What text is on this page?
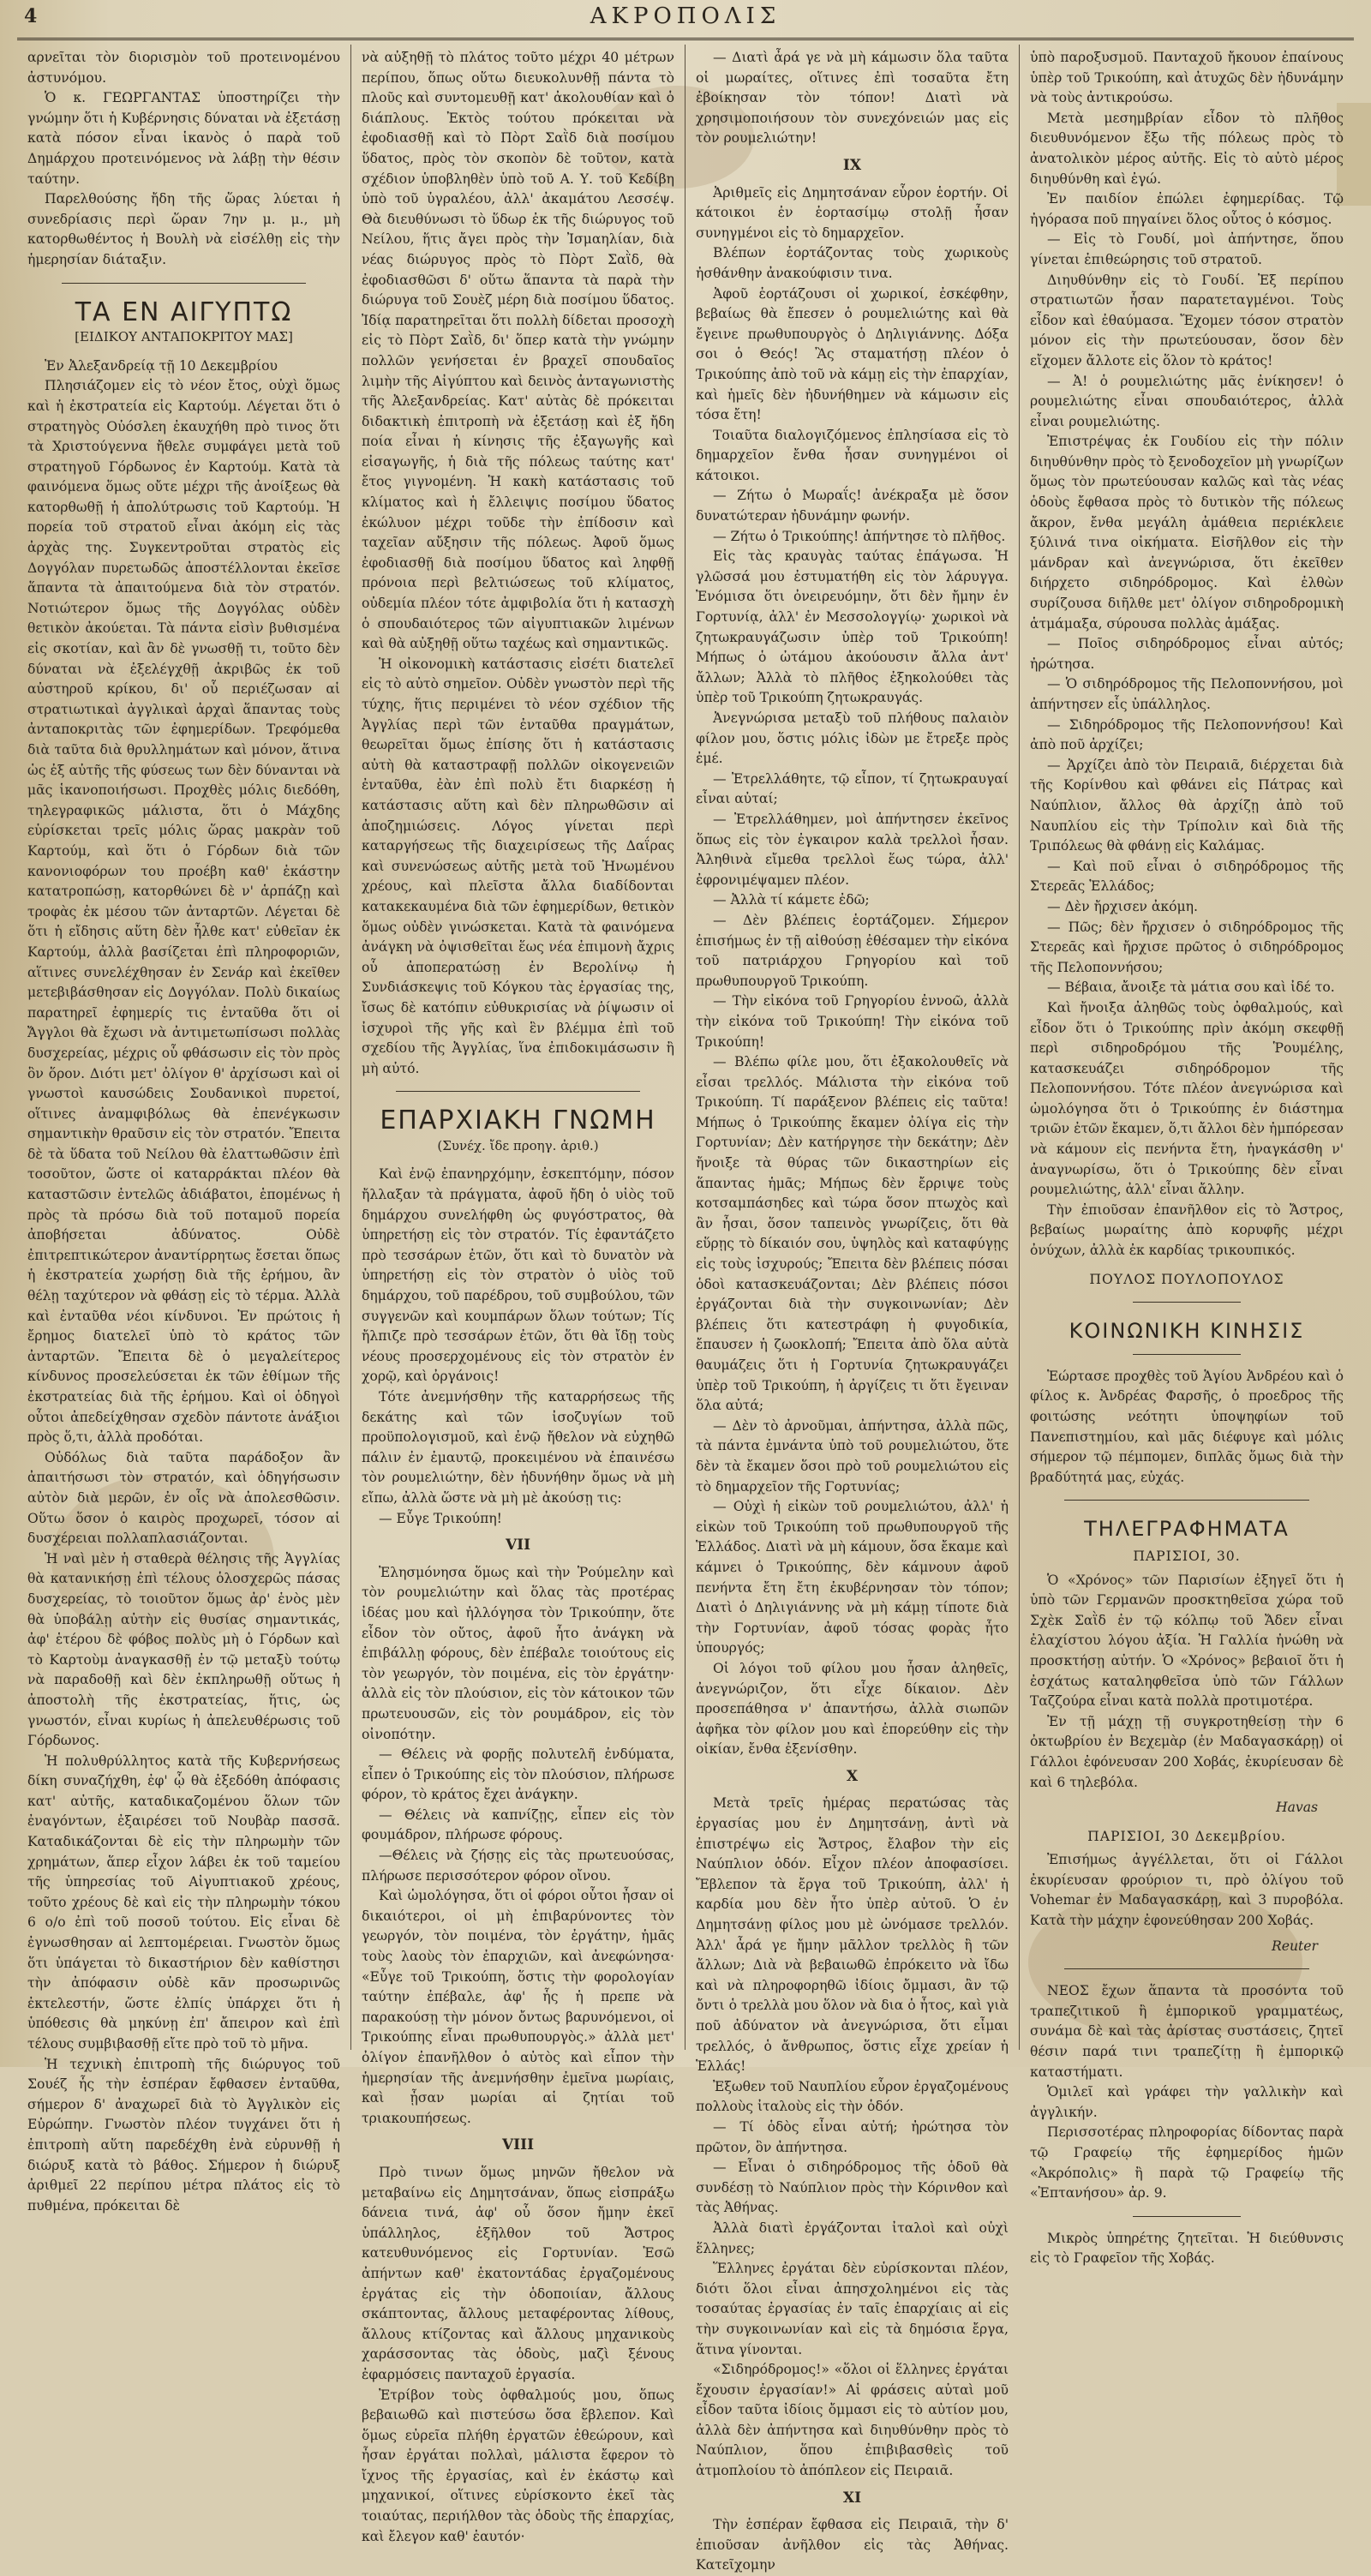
4	ΑΚΡΟΠΟΛΙΣ

αρνεῖται τὸν διορισμὸν τοῦ προτεινομένου ἀστυνόμου.

Ὁ κ. ΓΕΩΡΓΑΝΤΑΣ ὑποστηρίζει τὴν γνώμην ὅτι ἡ Κυβέρνησις δύναται νὰ ἐξετάσῃ κατὰ πόσον εἶναι ἱκανὸς ὁ παρὰ τοῦ Δημάρχου προτεινόμενος νὰ λάβῃ τὴν θέσιν ταύτην.

Παρελθούσης ἤδη τῆς ὥρας λύεται ἡ συνεδρίασις περὶ ὥραν 7ην μ. μ., μὴ κατορθωθέντος ἡ Βουλὴ νὰ εἰσέλθῃ εἰς τὴν ἡμερησίαν διάταξιν.

ΤΑ ΕΝ ΑΙΓΥΠΤΩ
[ΕΙΔΙΚΟΥ ΑΝΤΑΠΟΚΡΙΤΟΥ ΜΑΣ]

Ἐν Ἀλεξανδρείᾳ τῇ 10 Δεκεμβρίου

Πλησιάζομεν εἰς τὸ νέον ἔτος, οὐχὶ ὅμως καὶ ἡ ἐκστρατεία εἰς Καρτούμ. Λέγεται ὅτι ὁ στρατηγὸς Οὐόσλεη ἐκαυχήθη πρὸ τινος ὅτι τὰ Χριστούγεννα ἤθελε συμφάγει μετὰ τοῦ στρατηγοῦ Γόρδωνος ἐν Καρτούμ. Κατὰ τὰ φαινόμενα ὅμως οὔτε μέχρι τῆς ἀνοίξεως θὰ κατορθωθῇ ἡ ἀπολύτρωσις τοῦ Καρτούμ. Ἡ πορεία τοῦ στρατοῦ εἶναι ἀκόμη εἰς τὰς ἀρχὰς της. Συγκεντροῦται στρατὸς εἰς Δογγόλαν πυρετωδῶς ἀποστέλλονται ἐκεῖσε ἅπαντα τὰ ἀπαιτούμενα διὰ τὸν στρατόν. Νοτιώτερον ὅμως τῆς Δογγόλας οὐδὲν θετικὸν ἀκούεται. Τὰ πάντα εἰσὶν βυθισμένα εἰς σκοτίαν, καὶ ἂν δὲ γνωσθῇ τι, τοῦτο δὲν δύναται νὰ ἐξελέγχθῇ ἀκριβῶς ἐκ τοῦ αὐστηροῦ κρίκου, δι' οὗ περιέζωσαν αἱ στρατιωτικαὶ ἀγγλικαὶ ἀρχαὶ ἅπαντας τοὺς ἀνταποκριτὰς τῶν ἐφημερίδων. Τρεφόμεθα διὰ ταῦτα διὰ θρυλλημάτων καὶ μόνον, ἅτινα ὡς ἐξ αὐτῆς τῆς φύσεως των δὲν δύνανται νὰ μᾶς ἱκανοποιήσωσι. Προχθὲς μόλις διεδόθη, τηλεγραφικῶς μάλιστα, ὅτι ὁ Μάχδης εὑρίσκεται τρεῖς μόλις ὥρας μακρὰν τοῦ Καρτούμ, καὶ ὅτι ὁ Γόρδων διὰ τῶν κανονιοφόρων του προέβη καθ' ἑκάστην κατατροπώσῃ, κατορθώνει δὲ ν' ἁρπάζῃ καὶ τροφὰς ἐκ μέσου τῶν ἀνταρτῶν. Λέγεται δὲ ὅτι ἡ εἴδησις αὕτη δὲν ἦλθε κατ' εὐθεῖαν ἐκ Καρτούμ, ἀλλὰ βασίζεται ἐπὶ πληροφοριῶν, αἵτινες συνελέχθησαν ἐν Σενάρ καὶ ἐκεῖθεν μετεβιβάσθησαν εἰς Δογγόλαν. Πολὺ δικαίως παρατηρεῖ ἐφημερίς τις ἐνταῦθα ὅτι οἱ Ἄγγλοι θὰ ἔχωσι νὰ ἀντιμετωπίσωσι πολλὰς δυσχερείας, μέχρις οὗ φθάσωσιν εἰς τὸν πρὸς ὃν ὅρον. Διότι μετ' ὀλίγον θ' ἀρχίσωσι καὶ οἱ γνωστοὶ καυσώδεις Σουδανικοὶ πυρετοί, οἵτινες ἀναμφιβόλως θὰ ἐπενέγκωσιν σημαντικὴν θραῦσιν εἰς τὸν στρατόν. Ἔπειτα δὲ τὰ ὕδατα τοῦ Νείλου θὰ ἐλαττωθῶσιν ἐπὶ τοσοῦτον, ὥστε οἱ καταρράκται πλέον θὰ καταστῶσιν ἐντελῶς ἀδιάβατοι, ἑπομένως ἡ πρὸς τὰ πρόσω διὰ τοῦ ποταμοῦ πορεία ἀποβήσεται ἀδύνατος. Οὐδὲ ἐπιτρεπτικώτερον ἀναντίρρητως ἔσεται ὅπως ἡ ἐκστρατεία χωρήσῃ διὰ τῆς ἐρήμου, ἂν θέλῃ ταχύτερον νὰ φθάσῃ εἰς τὸ τέρμα. Ἀλλὰ καὶ ἐνταῦθα νέοι κίνδυνοι. Ἐν πρώτοις ἡ ἔρημος διατελεῖ ὑπὸ τὸ κράτος τῶν ἀνταρτῶν. Ἔπειτα δὲ ὁ μεγαλείτερος κίνδυνος προσελεύσεται ἐκ τῶν ἐθίμων τῆς ἐκστρατείας διὰ τῆς ἐρήμου. Καὶ οἱ ὁδηγοὶ οὗτοι ἀπεδείχθησαν σχεδὸν πάντοτε ἀνάξιοι πρὸς ὅ,τι, ἀλλὰ προδόται.

Οὐδόλως διὰ ταῦτα παράδοξον ἂν ἀπαιτήσωσι τὸν στρατόν, καὶ ὁδηγήσωσιν αὐτὸν διὰ μερῶν, ἐν οἷς νὰ ἀπολεσθῶσιν. Οὕτω ὅσον ὁ καιρὸς προχωρεῖ, τόσον αἱ δυσχέρειαι πολλαπλασιάζονται.

Ἡ ναὶ μὲν ἡ σταθερὰ θέλησις τῆς Ἀγγλίας θὰ κατανικήσῃ ἐπὶ τέλους ὁλοσχερῶς πάσας δυσχερείας, τὸ τοιοῦτον ὅμως ἀρ' ἑνὸς μὲν θὰ ὑποβάλῃ αὐτὴν εἰς θυσίας σημαντικάς, ἀφ' ἑτέρου δὲ φόβος πολὺς μὴ ὁ Γόρδων καὶ τὸ Καρτοὺμ ἀναγκασθῇ ἐν τῷ μεταξὺ τούτῳ νὰ παραδοθῇ καὶ δὲν ἐκπληρωθῇ οὕτως ἡ ἀποστολὴ τῆς ἐκστρατείας, ἥτις, ὡς γνωστόν, εἶναι κυρίως ἡ ἀπελευθέρωσις τοῦ Γόρδωνος.

Ἡ πολυθρύλλητος κατὰ τῆς Κυβερνήσεως δίκη συναζήχθη, ἐφ' ᾧ θὰ ἐξεδόθη ἀπόφασις κατ' αὐτῆς, καταδικαζομένου ὅλων τῶν ἐναγόντων, ἐξαιρέσει τοῦ Νουβὰρ πασσᾶ. Καταδικάζονται δὲ εἰς τὴν πληρωμὴν τῶν χρημάτων, ἅπερ εἶχον λάβει ἐκ τοῦ ταμείου τῆς ὑπηρεσίας τοῦ Αἰγυπτιακοῦ χρέους, τοῦτο χρέους δὲ καὶ εἰς τὴν πληρωμὴν τόκου 6 ο/ο ἐπὶ τοῦ ποσοῦ τούτου. Εἰς εἶναι δὲ ἐγνωσθησαν αἱ λεπτομέρειαι. Γνωστὸν ὅμως ὅτι ὑπάγεται τὸ δικαστήριον δὲν καθίστησι τὴν ἀπόφασιν οὐδὲ κᾶν προσωρινῶς ἐκτελεστήν, ὥστε ἐλπίς ὑπάρχει ὅτι ἡ ὑπόθεσις θὰ μηκύνῃ ἐπ' ἄπειρον καὶ ἐπὶ τέλους συμβιβασθῇ εἴτε πρὸ τοῦ τὸ μῆνα.

Ἡ τεχνικὴ ἐπιτροπὴ τῆς διώρυγος τοῦ Σουέζ ἧς τὴν ἑσπέραν ἔφθασεν ἐνταῦθα, σήμερον δ' ἀναχωρεῖ διὰ τὸ Ἀγγλικὸν εἰς Εὐρώπην. Γνωστὸν πλέον τυγχάνει ὅτι ἡ ἐπιτροπὴ αὕτη παρεδέχθη ἐνὰ εὐρυνθῇ ἡ διώρυξ κατὰ τὸ βάθος. Σήμερον ἡ διώρυξ ἀριθμεῖ 22 περίπου μέτρα πλάτος εἰς τὸ πυθμένα, πρόκειται δὲ

νὰ αὐξηθῇ τὸ πλάτος τοῦτο μέχρι 40 μέτρων περίπου, ὅπως οὕτω διευκολυνθῇ πάντα τὸ πλοῦς καὶ συντομευθῇ κατ' ἀκολουθίαν καὶ ὁ διάπλους. Ἐκτὸς τούτου πρόκειται νὰ ἐφοδιασθῇ καὶ τὸ Πὸρτ Σαῒδ διὰ ποσίμου ὕδατος, πρὸς τὸν σκοπὸν δὲ τοῦτον, κατὰ σχέδιον ὑποβληθὲν ὑπὸ τοῦ Α. Υ. τοῦ Κεδίβη ὑπὸ τοῦ ὑγραλέου, ἀλλ' ἀκαμάτου Λεσσέψ. Θὰ διευθύνωσι τὸ ὕδωρ ἐκ τῆς διώρυγος τοῦ Νείλου, ἥτις ἄγει πρὸς τὴν Ἰσμαηλίαν, διὰ νέας διώρυγος πρὸς τὸ Πὸρτ Σαῒδ, θὰ ἐφοδιασθῶσι δ' οὕτω ἅπαντα τὰ παρὰ τὴν διώρυγα τοῦ Σουὲζ μέρη διὰ ποσίμου ὕδατος. Ἰδίᾳ παρατηρεῖται ὅτι πολλὴ δίδεται προσοχὴ εἰς τὸ Πὸρτ Σαῒδ, δι' ὅπερ κατὰ τὴν γνώμην πολλῶν γενήσεται ἐν βραχεῖ σπουδαῖος λιμὴν τῆς Αἰγύπτου καὶ δεινὸς ἀνταγωνιστὴς τῆς Ἀλεξανδρείας. Κατ' αὐτὰς δὲ πρόκειται διδακτικὴ ἐπιτροπὴ νὰ ἐξετάσῃ καὶ ἐξ ἤδη ποία εἶναι ἡ κίνησις τῆς ἐξαγωγῆς καὶ εἰσαγωγῆς, ἡ διὰ τῆς πόλεως ταύτης κατ' ἔτος γιγνομένη. Ἡ κακὴ κατάστασις τοῦ κλίματος καὶ ἡ ἔλλειψις ποσίμου ὕδατος ἐκώλυον μέχρι τοῦδε τὴν ἐπίδοσιν καὶ ταχεῖαν αὔξησιν τῆς πόλεως. Ἀφοῦ ὅμως ἐφοδιασθῇ διὰ ποσίμου ὕδατος καὶ ληφθῇ πρόνοια περὶ βελτιώσεως τοῦ κλίματος, οὐδεμία πλέον τότε ἀμφιβολία ὅτι ἡ κατασχὴ ὁ σπουδαιότερος τῶν αἰγυπτιακῶν λιμένων καὶ θὰ αὐξηθῇ οὕτω ταχέως καὶ σημαντικῶς.

Ἡ οἰκονομικὴ κατάστασις εἰσέτι διατελεῖ εἰς τὸ αὐτὸ σημεῖον. Οὐδὲν γνωστὸν περὶ τῆς τύχης, ἥτις περιμένει τὸ νέον σχέδιον τῆς Ἀγγλίας περὶ τῶν ἐνταῦθα πραγμάτων, θεωρεῖται ὅμως ἐπίσης ὅτι ἡ κατάστασις αὐτὴ θὰ καταστραφῇ πολλῶν οἰκογενειῶν ἐνταῦθα, ἐὰν ἐπὶ πολὺ ἔτι διαρκέσῃ ἡ κατάστασις αὕτη καὶ δὲν πληρωθῶσιν αἱ ἀποζημιώσεις. Λόγος γίνεται περὶ καταργήσεως τῆς διαχειρίσεως τῆς Δαΐρας καὶ συνενώσεως αὐτῆς μετὰ τοῦ Ἠνωμένου χρέους, καὶ πλεῖστα ἄλλα διαδίδονται κατακεκαυμένα διὰ τῶν ἐφημερίδων, θετικὸν ὅμως οὐδὲν γινώσκεται. Κατὰ τὰ φαινόμενα ἀνάγκη νὰ ὀψισθεῖται ἕως νέα ἐπιμονὴ ἄχρις οὗ ἀποπερατώσῃ ἐν Βερολίνῳ ἡ Συνδιάσκεψις τοῦ Κόγκου τὰς ἐργασίας της, ἴσως δὲ κατόπιν εὐθυκρισίας νὰ ῥίψωσιν οἱ ἰσχυροὶ τῆς γῆς καὶ ἓν βλέμμα ἐπὶ τοῦ σχεδίου τῆς Ἀγγλίας, ἵνα ἐπιδοκιμάσωσιν ἢ μὴ αὐτό.

ΕΠΑΡΧΙΑΚΗ ΓΝΩΜΗ
(Συνέχ. ἴδε προηγ. ἀριθ.)

Καὶ ἐνῷ ἐπανηρχόμην, ἐσκεπτόμην, πόσον ἤλλαξαν τὰ πράγματα, ἀφοῦ ἤδη ὁ υἱὸς τοῦ δημάρχου συνελήφθη ὡς φυγόστρατος, θὰ ὑπηρετήσῃ εἰς τὸν στρατόν. Τίς ἐφαντάζετο πρὸ τεσσάρων ἐτῶν, ὅτι καὶ τὸ δυνατὸν νὰ ὑπηρετήσῃ εἰς τὸν στρατὸν ὁ υἱὸς τοῦ δημάρχου, τοῦ παρέδρου, τοῦ συμβούλου, τῶν συγγενῶν καὶ κουμπάρων ὅλων τούτων; Τίς ἤλπιζε πρὸ τεσσάρων ἐτῶν, ὅτι θὰ ἴδῃ τοὺς νέους προσερχομένους εἰς τὸν στρατὸν ἐν χορῷ, καὶ ὀργάνοις!

Τότε ἀνεμνήσθην τῆς καταρρήσεως τῆς δεκάτης καὶ τῶν ἰσοζυγίων τοῦ προϋπολογισμοῦ, καὶ ἐνῷ ἤθελον νὰ εὐχηθῶ πάλιν ἐν ἐμαυτῷ, προκειμένου νὰ ἐπαινέσω τὸν ρουμελιώτην, δὲν ἠδυνήθην ὅμως νὰ μὴ εἴπω, ἀλλὰ ὥστε νὰ μὴ μὲ ἀκούσῃ τις:

— Εὖγε Τρικούπη!

VII

Ἐλησμόνησα ὅμως καὶ τὴν Ῥούμελην καὶ τὸν ρουμελιώτην καὶ ὅλας τὰς προτέρας ἰδέας μου καὶ ἠλλόγησα τὸν Τρικούπην, ὅτε εἶδον τὸν οὔτος, ἀφοῦ ἦτο ἀνάγκη νὰ ἐπιβάλλῃ φόρους, δὲν ἐπέβαλε τοιούτους εἰς τὸν γεωργόν, τὸν ποιμένα, εἰς τὸν ἐργάτην· ἀλλὰ εἰς τὸν πλούσιον, εἰς τὸν κάτοικον τῶν πρωτευουσῶν, εἰς τὸν ρουμάδρον, εἰς τὸν οἰνοπότην.

— Θέλεις νὰ φορῇς πολυτελῆ ἐνδύματα, εἶπεν ὁ Τρικούπης εἰς τὸν πλούσιον, πλήρωσε φόρον, τὸ κράτος ἔχει ἀνάγκην.

— Θέλεις νὰ καπνίζῃς, εἶπεν εἰς τὸν φουμάδρον, πλήρωσε φόρους.

—Θέλεις νὰ ζήσῃς εἰς τὰς πρωτευούσας, πλήρωσε περισσότερον φόρον οἴνου.

Καὶ ὡμολόγησα, ὅτι οἱ φόροι οὗτοι ἦσαν οἱ δικαιότεροι, οἱ μὴ ἐπιβαρύνοντες τὸν γεωργόν, τὸν ποιμένα, τὸν ἐργάτην, ἡμᾶς τοὺς λαοὺς τὸν ἐπαρχιῶν, καὶ ἀνεφώνησα· «Εὖγε τοῦ Τρικούπη, ὅστις τὴν φορολογίαν ταύτην ἐπέβαλε, ἀφ' ἧς ἡ πρεπε νὰ παρακούσῃ τὴν μόνον ὄντως βαρυνόμενοι, οἱ Τρικούπης εἶναι πρωθυπουργὸς.» ἀλλὰ μετ' ὀλίγον ἐπανῆλθον ὁ αὐτὸς καὶ εἶπον τὴν ἡμερησίαν τῆς ἀνεμνήσθην ἐμεῖνα μωρίαις, καὶ ᾖσαν μωρίαι αἱ ζητίαι τοῦ τριακουπήσεως.

VIII

Πρὸ τινων ὅμως μηνῶν ἤθελον νὰ μεταβαίνω εἰς Δημητσάναν, ὅπως εἰσπράξω δάνεια τινά, ἀφ' οὗ ὅσον ἤμην ἐκεῖ ὑπάλληλος, ἐξῆλθον τοῦ Ἄστρος κατευθυνόμενος εἰς Γορτυνίαν. Ἐσῶ ἀπήντων καθ' ἑκατοντάδας ἐργαζομένους ἐργάτας εἰς τὴν ὁδοποιίαν, ἄλλους σκάπτοντας, ἄλλους μεταφέροντας λίθους, ἄλλους κτίζοντας καὶ ἄλλους μηχανικοὺς χαράσσοντας τὰς ὁδοὺς, μαζὶ ξένους ἐφαρμόσεις πανταχοῦ ἐργασία.

Ἐτρίβον τοὺς ὀφθαλμούς μου, ὅπως βεβαιωθῶ καὶ πιστεύσω ὅσα ἔβλεπον. Καὶ ὅμως εὐρεῖα πλήθη ἐργατῶν ἐθεώρουν, καὶ ἦσαν ἐργάται πολλαὶ, μάλιστα ἔφερον τὸ ἴχνος τῆς ἐργασίας, καὶ ἐν ἑκάστῳ καὶ μηχανικοί, οἵτινες εὑρίσκοντο ἐκεῖ τὰς τοιαύτας, περιήλθον τὰς ὁδοὺς τῆς ἐπαρχίας, καὶ ἔλεγον καθ' ἑαυτόν·

— Διατὶ ἆρά γε νὰ μὴ κάμωσιν ὅλα ταῦτα οἱ μωραίτες, οἵτινες ἐπὶ τοσαῦτα ἔτη ἐβοίκησαν τὸν τόπον! Διατὶ νὰ χρησιμοποιήσουν τὸν συνεχόνειών μας εἰς τὸν ρουμελιώτην!

IX

Ἀριθμεῖς εἰς Δημητσάναν εὗρον ἑορτήν. Οἱ κάτοικοι ἐν ἑορτασίμῳ στολῇ ἦσαν συνηγμένοι εἰς τὸ δημαρχεῖον.

Βλέπων ἑορτάζοντας τοὺς χωρικοὺς ἠσθάνθην ἀνακούφισιν τινα.

Ἀφοῦ ἑορτάζουσι οἱ χωρικοί, ἐσκέφθην, βεβαίως θὰ ἔπεσεν ὁ ρουμελιώτης καὶ θὰ ἔγεινε πρωθυπουργὸς ὁ Δηλιγιάννης. Δόξα σοι ὁ Θεός! Ἂς σταματήσῃ πλέον ὁ Τρικούπης ἀπὸ τοῦ νὰ κάμῃ εἰς τὴν ἐπαρχίαν, καὶ ἡμεῖς δὲν ἠδυνήθημεν νὰ κάμωσιν εἰς τόσα ἔτη!

Τοιαῦτα διαλογιζόμενος ἐπλησίασα εἰς τὸ δημαρχεῖον ἔνθα ἦσαν συνηγμένοι οἱ κάτοικοι.

— Ζήτω ὁ Μωραΐς! ἀνέκραξα μὲ ὅσον δυνατώτεραν ἠδυνάμην φωνήν.

— Ζήτω ὁ Τρικούπης! ἀπήντησε τὸ πλῆθος.

Εἰς τὰς κραυγὰς ταύτας ἐπάγωσα. Ἡ γλῶσσά μου ἐστυματήθη εἰς τὸν λάρυγγα. Ἐνόμισα ὅτι ὀνειρευόμην, ὅτι δὲν ἤμην ἐν Γορτυνίᾳ, ἀλλ' ἐν Μεσσολογγίῳ· χωρικοὶ νὰ ζητωκραυγάζωσιν ὑπὲρ τοῦ Τρικούπη! Μήπως ὁ ὠτάμου ἀκούουσιν ἄλλα ἀντ' ἄλλων; Ἀλλὰ τὸ πλῆθος ἐξηκολούθει τὰς ὑπὲρ τοῦ Τρικούπη ζητωκραυγάς.

Ἀνεγνώρισα μεταξὺ τοῦ πλήθους παλαιὸν φίλον μου, ὅστις μόλις ἰδὼν με ἔτρεξε πρὸς ἐμέ.

— Ἐτρελλάθητε, τῷ εἶπον, τί ζητωκραυγαί εἶναι αὐταί;

— Ἐτρελλάθημεν, μοὶ ἀπήντησεν ἐκεῖνος ὅπως εἰς τὸν ἐγκαιρον καλὰ τρελλοὶ ἦσαν. Ἀληθινὰ εἴμεθα τρελλοὶ ἕως τώρα, ἀλλ' ἐφρονιμέψαμεν πλέον.

— Ἀλλὰ τί κάμετε ἐδῶ;

— Δὲν βλέπεις ἑορτάζομεν. Σήμερον ἐπισήμως ἐν τῇ αἰθούσῃ ἐθέσαμεν τὴν εἰκόνα τοῦ πατριάρχου Γρηγορίου καὶ τοῦ πρωθυπουργοῦ Τρικούπη.

— Τὴν εἰκόνα τοῦ Γρηγορίου ἐννοῶ, ἀλλὰ τὴν εἰκόνα τοῦ Τρικούπη! Τὴν εἰκόνα τοῦ Τρικούπη!

— Βλέπω φίλε μου, ὅτι ἐξακολουθεῖς νὰ εἶσαι τρελλός. Μάλιστα τὴν εἰκόνα τοῦ Τρικούπη. Τί παράξενον βλέπεις εἰς ταῦτα! Μήπως ὁ Τρικούπης ἔκαμεν ὀλίγα εἰς τὴν Γορτυνίαν; Δὲν κατήργησε τὴν δεκάτην; Δὲν ἤνοιξε τὰ θύρας τῶν δικαστηρίων εἰς ἅπαντας ἡμᾶς; Μήπως δὲν ἔρριψε τοὺς κοτσαμπάσηδες καὶ τώρα ὅσον πτωχὸς καὶ ἂν ἦσαι, ὅσον ταπεινὸς γνωρίζεις, ὅτι θὰ εὕρῃς τὸ δίκαιόν σου, ὑψηλὸς καὶ καταφύγῃς εἰς τοὺς ἰσχυρούς; Ἔπειτα δὲν βλέπεις πόσαι ὁδοὶ κατασκευάζονται; Δὲν βλέπεις πόσοι ἐργάζονται διὰ τὴν συγκοινωνίαν; Δὲν βλέπεις ὅτι κατεστράφη ἡ φυγοδικία, ἔπαυσεν ἡ ζωοκλοπή; Ἔπειτα ἀπὸ ὅλα αὐτὰ θαυμάζεις ὅτι ἡ Γορτυνία ζητωκραυγάζει ὑπὲρ τοῦ Τρικούπη, ἡ ἀργίζεις τι ὅτι ἔγειναν ὅλα αὐτά;

— Δὲν τὸ ἀρνοῦμαι, ἀπήντησα, ἀλλὰ πῶς, τὰ πάντα ἐμνάντα ὑπὸ τοῦ ρουμελιώτου, ὅτε δὲν τὰ ἔκαμεν ὅσοι πρὸ τοῦ ρουμελιώτου εἰς τὸ δημαρχεῖον τῆς Γορτυνίας;

— Οὐχὶ ἡ εἰκὼν τοῦ ρουμελιώτου, ἀλλ' ἡ εἰκὼν τοῦ Τρικούπη τοῦ πρωθυπουργοῦ τῆς Ἑλλάδος. Διατὶ νὰ μὴ κάμουν, ὅσα ἔκαμε καὶ κάμνει ὁ Τρικούπης, δὲν κάμνουν ἀφοῦ πενήντα ἔτη ἔτη ἐκυβέρνησαν τὸν τόπον; Διατὶ ὁ Δηλιγιάννης νὰ μὴ κάμῃ τίποτε διὰ τὴν Γορτυνίαν, ἀφοῦ τόσας φορὰς ἦτο ὑπουργός;

Οἱ λόγοι τοῦ φίλου μου ἦσαν ἀληθεῖς, ἀνεγνώριζον, ὅτι εἶχε δίκαιον. Δὲν προσεπάθησα ν' ἀπαντήσω, ἀλλὰ σιωπῶν ἀφῆκα τὸν φίλον μου καὶ ἐπορεύθην εἰς τὴν οἰκίαν, ἔνθα ἐξενίσθην.

X

Μετὰ τρεῖς ἡμέρας περατώσας τὰς ἐργασίας μου ἐν Δημητσάνῃ, ἀντὶ νὰ ἐπιστρέψω εἰς Ἄστρος, ἔλαβον τὴν εἰς Ναύπλιον ὁδόν. Εἶχον πλέον ἀποφασίσει. Ἔβλεπον τὰ ἔργα τοῦ Τρικούπη, ἀλλ' ἡ καρδία μου δὲν ἦτο ὑπὲρ αὐτοῦ. Ὁ ἐν Δημητσάνῃ φίλος μου μὲ ὠνόμασε τρελλόν. Ἀλλ' ἆρά γε ἤμην μᾶλλον τρελλὸς ἢ τῶν ἄλλων; Διὰ νὰ βεβαιωθῶ ἐπρόκειτο νὰ ἴδω καὶ νὰ πληροφορηθῶ ἰδίοις ὄμμασι, ἂν τῷ ὄντι ὁ τρελλὰ μου ὅλον νὰ δια ὁ ἦτος, καὶ γιὰ ποῦ ἀδύνατον νὰ ἀνεγνώρισα, ὅτι εἶμαι τρελλός, ὁ ἄνθρωπος, ὅστις εἶχε χρείαν ἡ Ἑλλάς!

Ἐξωθεν τοῦ Ναυπλίου εὗρον ἐργαζομένους πολλοὺς ἰταλοὺς εἰς τὴν ὁδόν.

— Τί ὁδὸς εἶναι αὐτή; ἠρώτησα τὸν πρῶτον, ὃν ἀπήντησα.

— Εἶναι ὁ σιδηρόδρομος τῆς ὁδοῦ θὰ συνδέσῃ τὸ Ναύπλιον πρὸς τὴν Κόρινθον καὶ τὰς Ἀθήνας.

Ἀλλὰ διατὶ ἐργάζονται ἰταλοὶ καὶ οὐχὶ ἕλληνες;

Ἕλληνες ἐργάται δὲν εὑρίσκονται πλέον, διότι ὅλοι εἶναι ἀπησχολημένοι εἰς τὰς τοσαύτας ἐργασίας ἐν ταῖς ἐπαρχίαις αἱ εἰς τὴν συγκοινωνίαν καὶ εἰς τὰ δημόσια ἔργα, ἅτινα γίνονται.

«Σιδηρόδρομος!» «ὅλοι οἱ ἕλληνες ἐργάται ἔχουσιν ἐργασίαν!» Αἱ φράσεις αὐταὶ μοῦ εἶδον ταῦτα ἰδίοις ὄμμασι εἰς τὸ αὐτίον μου, ἀλλὰ δὲν ἀπήντησα καὶ διηυθύνθην πρὸς τὸ Ναύπλιον, ὅπου ἐπιβιβασθεὶς τοῦ ἀτμοπλοίου τὸ ἀπόπλεον εἰς Πειραιᾶ.

XI

Τὴν ἑσπέραν ἔφθασα εἰς Πειραιᾶ, τὴν δ' ἐπιοῦσαν ἀνῆλθον εἰς τὰς Ἀθήνας. Κατεῖχομην

ὑπὸ παροξυσμοῦ. Πανταχοῦ ἤκουον ἐπαίνους ὑπὲρ τοῦ Τρικούπη, καὶ ἀτυχῶς δὲν ἠδυνάμην νὰ τοὺς ἀντικρούσω.

Μετὰ μεσημβρίαν εἶδον τὸ πλῆθος διευθυνόμενον ἔξω τῆς πόλεως πρὸς τὸ ἀνατολικὸν μέρος αὐτῆς. Εἰς τὸ αὐτὸ μέρος διηυθύνθη καὶ ἐγώ.

Ἐν παιδίον ἐπώλει ἐφημερίδας. Τῷ ἠγόρασα ποῦ πηγαίνει ὅλος οὗτος ὁ κόσμος.

— Εἰς τὸ Γουδί, μοὶ ἀπήντησε, ὅπου γίνεται ἐπιθεώρησις τοῦ στρατοῦ.

Διηυθύνθην εἰς τὸ Γουδί. Ἐξ περίπου στρατιωτῶν ἦσαν παρατεταγμένοι. Τοὺς εἶδον καὶ ἐθαύμασα. Ἔχομεν τόσον στρατὸν μόνον εἰς τὴν πρωτεύουσαν, ὅσον δὲν εἴχομεν ἄλλοτε εἰς ὅλον τὸ κράτος!

— Ἀ! ὁ ρουμελιώτης μᾶς ἐνίκησεν! ὁ ρουμελιώτης εἶναι σπουδαιότερος, ἀλλὰ εἶναι ρουμελιώτης.

Ἐπιστρέψας ἐκ Γουδίου εἰς τὴν πόλιν διηυθύνθην πρὸς τὸ ξενοδοχεῖον μὴ γνωρίζων ὅμως τὸν πρωτεύουσαν καλῶς καὶ τὰς νέας ὁδοὺς ἔφθασα πρὸς τὸ δυτικὸν τῆς πόλεως ἄκρον, ἔνθα μεγάλη ἀμάθεια περιέκλειε ξύλινά τινα οἰκήματα. Εἰσῆλθον εἰς τὴν μάνδραν καὶ ἀνεγνώρισα, ὅτι ἐκεῖθεν διήρχετο σιδηρόδρομος. Καὶ ἐλθὼν συρίζουσα διῆλθε μετ' ὀλίγον σιδηροδρομικὴ ἁτμάμαξα, σύρουσα πολλὰς ἁμάξας.

— Ποῖος σιδηρόδρομος εἶναι αὐτός; ἠρώτησα.

— Ὁ σιδηρόδρομος τῆς Πελοποννήσου, μοὶ ἀπήντησεν εἷς ὑπάλληλος.

— Σιδηρόδρομος τῆς Πελοποννήσου! Καὶ ἀπὸ ποῦ ἀρχίζει;

— Ἀρχίζει ἀπὸ τὸν Πειραιᾶ, διέρχεται διὰ τῆς Κορίνθου καὶ φθάνει εἰς Πάτρας καὶ Ναύπλιον, ἄλλος θὰ ἀρχίζῃ ἀπὸ τοῦ Ναυπλίου εἰς τὴν Τρίπολιν καὶ διὰ τῆς Τριπόλεως θὰ φθάνῃ εἰς Καλάμας.

— Καὶ ποῦ εἶναι ὁ σιδηρόδρομος τῆς Στερεᾶς Ἑλλάδος;

— Δὲν ἤρχισεν ἀκόμη.

— Πῶς; δὲν ἤρχισεν ὁ σιδηρόδρομος τῆς Στερεᾶς καὶ ἤρχισε πρῶτος ὁ σιδηρόδρομος τῆς Πελοποννήσου;

— Βέβαια, ἄνοιξε τὰ μάτια σου καὶ ἰδέ το.

Καὶ ἤνοιξα ἀληθῶς τοὺς ὀφθαλμούς, καὶ εἶδον ὅτι ὁ Τρικούπης πρὶν ἀκόμη σκεφθῇ περὶ σιδηροδρόμου τῆς Ῥουμέλης, κατασκευάζει σιδηρόδρομον τῆς Πελοποννήσου. Τότε πλέον ἀνεγνώρισα καὶ ὡμολόγησα ὅτι ὁ Τρικούπης ἐν διάστημα τριῶν ἐτῶν ἔκαμεν, ὅ,τι ἄλλοι δὲν ἠμπόρεσαν νὰ κάμουν εἰς πενήντα ἔτη, ἠναγκάσθη ν' ἀναγνωρίσω, ὅτι ὁ Τρικούπης δὲν εἶναι ρουμελιώτης, ἀλλ' εἶναι ἄλλην.

Τὴν ἐπιοῦσαν ἐπανῆλθον εἰς τὸ Ἄστρος, βεβαίως μωραίτης ἀπὸ κορυφῆς μέχρι ὀνύχων, ἀλλὰ ἐκ καρδίας τρικουπικός.

ΠΟΥΛΟΣ ΠΟΥΛΟΠΟΥΛΟΣ
ΚΟΙΝΩΝΙΚΗ ΚΙΝΗΣΙΣ

Ἑώρτασε προχθὲς τοῦ Ἁγίου Ἀνδρέου καὶ ὁ φίλος κ. Ἀνδρέας Φαρσῆς, ὁ προεδρος τῆς φοιτώσης νεότητι ὑποψηφίων τοῦ Πανεπιστημίου, καὶ μᾶς διέφυγε καὶ μόλις σήμερον τῷ πέμπομεν, διπλᾶς ὅμως διὰ τὴν βραδύτητά μας, εὐχάς.

ΤΗΛΕΓΡΑΦΗΜΑΤΑ
ΠΑΡΙΣΙΟΙ, 30.

Ὁ «Χρόνος» τῶν Παρισίων ἐξηγεῖ ὅτι ἡ ὑπὸ τῶν Γερμανῶν προσκτηθεῖσα χώρα τοῦ Σχὲκ Σαῒδ ἐν τῷ κόλπῳ τοῦ Ἄδεν εἶναι ἐλαχίστου λόγου ἀξία. Ἡ Γαλλία ἠνώθη νὰ προσκτήσῃ αὐτήν. Ὁ «Χρόνος» βεβαιοῖ ὅτι ἡ ἐσχάτως καταληφθεῖσα ὑπὸ τῶν Γάλλων Ταζζούρα εἶναι κατὰ πολλὰ προτιμοτέρα.

Ἐν τῇ μάχῃ τῇ συγκροτηθείσῃ τὴν 6 ὀκτωβρίου ἐν Βεχεμὰρ (ἐν Μαδαγασκάρῃ) οἱ Γάλλοι ἐφόνευσαν 200 Χοβάς, ἐκυρίευσαν δὲ καὶ 6 τηλεβόλα.

Havas
ΠΑΡΙΣΙΟΙ, 30 Δεκεμβρίου.

Ἐπισήμως ἀγγέλλεται, ὅτι οἱ Γάλλοι ἐκυρίευσαν φρούριον τι, πρὸ ὀλίγου τοῦ Vohemar ἐν Μαδαγασκάρῃ, καὶ 3 πυροβόλα. Κατὰ τὴν μάχην ἐφονεύθησαν 200 Χοβάς.

Reuter

ΝΕΟΣ ἔχων ἅπαντα τὰ προσόντα τοῦ τραπεζιτικοῦ ἢ ἐμπορικοῦ γραμματέως, συνάμα δὲ καὶ τὰς ἀρίστας συστάσεις, ζητεῖ θέσιν παρά τινι τραπεζίτῃ ἢ ἐμπορικῷ καταστήματι.

Ὁμιλεῖ καὶ γράφει τὴν γαλλικὴν καὶ ἀγγλικήν.

Περισσοτέρας πληροφορίας δίδοντας παρὰ τῷ Γραφείῳ τῆς ἐφημερίδος ἡμῶν «Ἀκρόπολις» ἢ παρὰ τῷ Γραφείῳ τῆς «Ἐπτανήσου» ἀρ. 9.

Μικρὸς ὑπηρέτης ζητεῖται. Ἡ διεύθυνσις εἰς τὸ Γραφεῖον τῆς Χοβάς.
